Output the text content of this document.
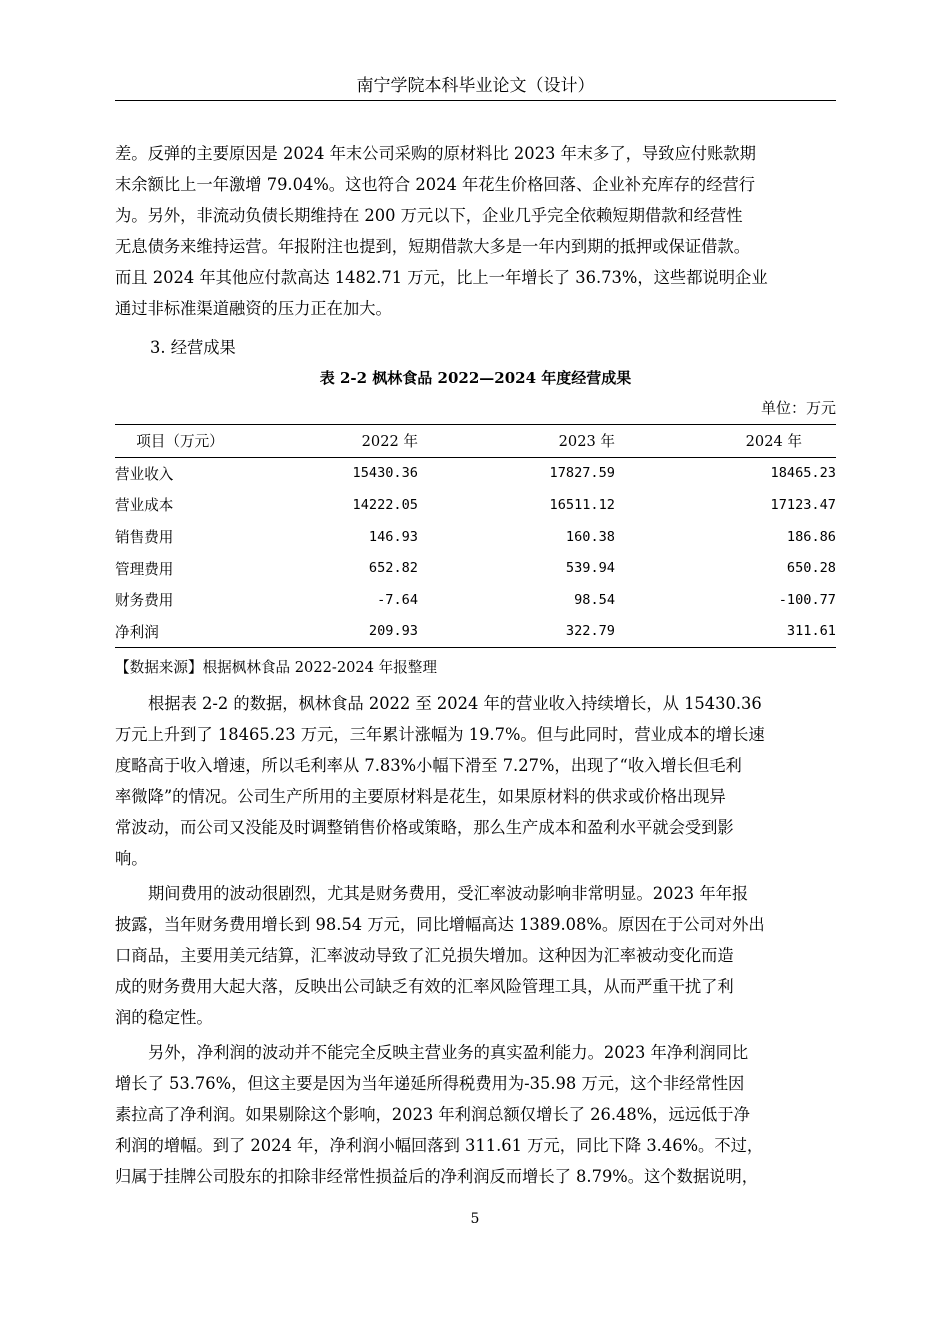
南宁学院本科毕业论文（设计）
差。反弹的主要原因是 2024 年末公司采购的原材料比 2023 年末多了，导致应付账款期
末余额比上一年激增 79.04%。这也符合 2024 年花生价格回落、企业补充库存的经营行
为。另外，非流动负债长期维持在 200 万元以下，企业几乎完全依赖短期借款和经营性
无息债务来维持运营。年报附注也提到，短期借款大多是一年内到期的抵押或保证借款。
而且 2024 年其他应付款高达 1482.71 万元，比上一年增长了 36.73%，这些都说明企业
通过非标准渠道融资的压力正在加大。
3. 经营成果
表 2-2 枫林食品 2022—2024 年度经营成果
单位：万元
项目（万元）	2022 年	2023 年	2024 年
营业收入	15430.36	17827.59	18465.23
营业成本	14222.05	16511.12	17123.47
销售费用	146.93	160.38	186.86
管理费用	652.82	539.94	650.28
财务费用	-7.64	98.54	-100.77
净利润	209.93	322.79	311.61
【数据来源】根据枫林食品 2022-2024 年报整理
根据表 2-2 的数据，枫林食品 2022 至 2024 年的营业收入持续增长，从 15430.36
万元上升到了 18465.23 万元，三年累计涨幅为 19.7%。但与此同时，营业成本的增长速
度略高于收入增速，所以毛利率从 7.83%小幅下滑至 7.27%，出现了“收入增长但毛利
率微降”的情况。公司生产所用的主要原材料是花生，如果原材料的供求或价格出现异
常波动，而公司又没能及时调整销售价格或策略，那么生产成本和盈利水平就会受到影
响。
期间费用的波动很剧烈，尤其是财务费用，受汇率波动影响非常明显。2023 年年报
披露，当年财务费用增长到 98.54 万元，同比增幅高达 1389.08%。原因在于公司对外出
口商品，主要用美元结算，汇率波动导致了汇兑损失增加。这种因为汇率被动变化而造
成的财务费用大起大落，反映出公司缺乏有效的汇率风险管理工具，从而严重干扰了利
润的稳定性。
另外，净利润的波动并不能完全反映主营业务的真实盈利能力。2023 年净利润同比
增长了 53.76%，但这主要是因为当年递延所得税费用为-35.98 万元，这个非经常性因
素拉高了净利润。如果剔除这个影响，2023 年利润总额仅增长了 26.48%，远远低于净
利润的增幅。到了 2024 年，净利润小幅回落到 311.61 万元，同比下降 3.46%。不过，
归属于挂牌公司股东的扣除非经常性损益后的净利润反而增长了 8.79%。这个数据说明，
5
